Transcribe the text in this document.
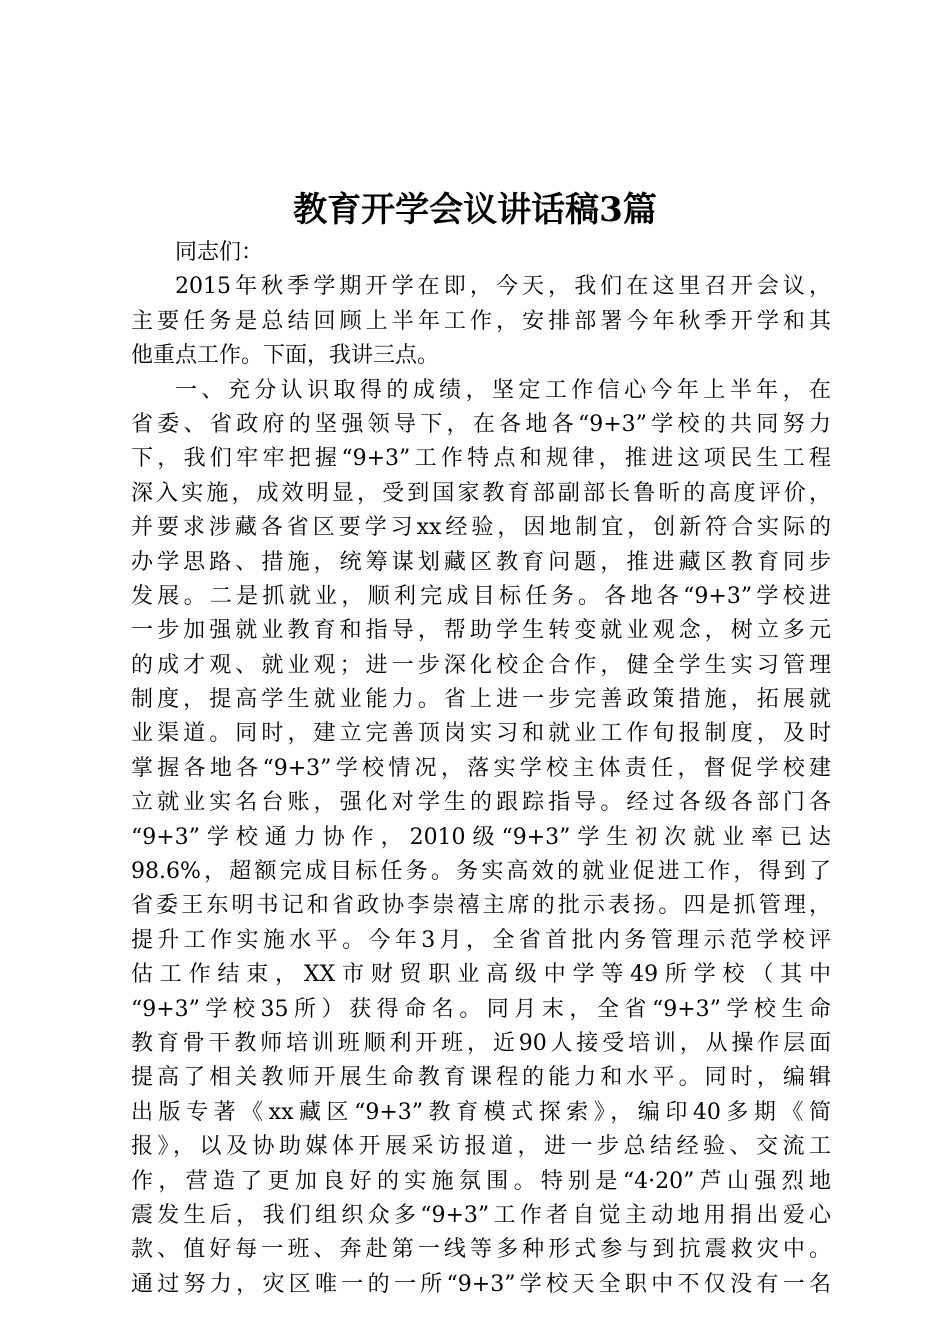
教育开学会议讲话稿3篇
同志们：
2015年秋季学期开学在即，今天，我们在这里召开会议，
主要任务是总结回顾上半年工作，安排部署今年秋季开学和其
他重点工作。下面，我讲三点。
一、充分认识取得的成绩，坚定工作信心今年上半年，在
省委、省政府的坚强领导下，在各地各“9+3”学校的共同努力
下，我们牢牢把握“9+3”工作特点和规律，推进这项民生工程
深入实施，成效明显，受到国家教育部副部长鲁昕的高度评价，
并要求涉藏各省区要学习xx经验，因地制宜，创新符合实际的
办学思路、措施，统筹谋划藏区教育问题，推进藏区教育同步
发展。二是抓就业，顺利完成目标任务。各地各“9+3”学校进
一步加强就业教育和指导，帮助学生转变就业观念，树立多元
的成才观、就业观；进一步深化校企合作，健全学生实习管理
制度，提高学生就业能力。省上进一步完善政策措施，拓展就
业渠道。同时，建立完善顶岗实习和就业工作旬报制度，及时
掌握各地各“9+3”学校情况，落实学校主体责任，督促学校建
立就业实名台账，强化对学生的跟踪指导。经过各级各部门各
“9+3”学校通力协作，2010级“9+3”学生初次就业率已达
98.6%，超额完成目标任务。务实高效的就业促进工作，得到了
省委王东明书记和省政协李崇禧主席的批示表扬。四是抓管理，
提升工作实施水平。今年3月，全省首批内务管理示范学校评
估工作结束，XX市财贸职业高级中学等49所学校（其中
“9+3”学校35所）获得命名。同月末，全省“9+3”学校生命
教育骨干教师培训班顺利开班，近90人接受培训，从操作层面
提高了相关教师开展生命教育课程的能力和水平。同时，编辑
出版专著《xx藏区“9+3”教育模式探索》，编印40多期《简
报》，以及协助媒体开展采访报道，进一步总结经验、交流工
作，营造了更加良好的实施氛围。特别是“4·20”芦山强烈地
震发生后，我们组织众多“9+3”工作者自觉主动地用捐出爱心
款、值好每一班、奔赴第一线等多种形式参与到抗震救灾中。
通过努力，灾区唯一的一所“9+3”学校天全职中不仅没有一名
